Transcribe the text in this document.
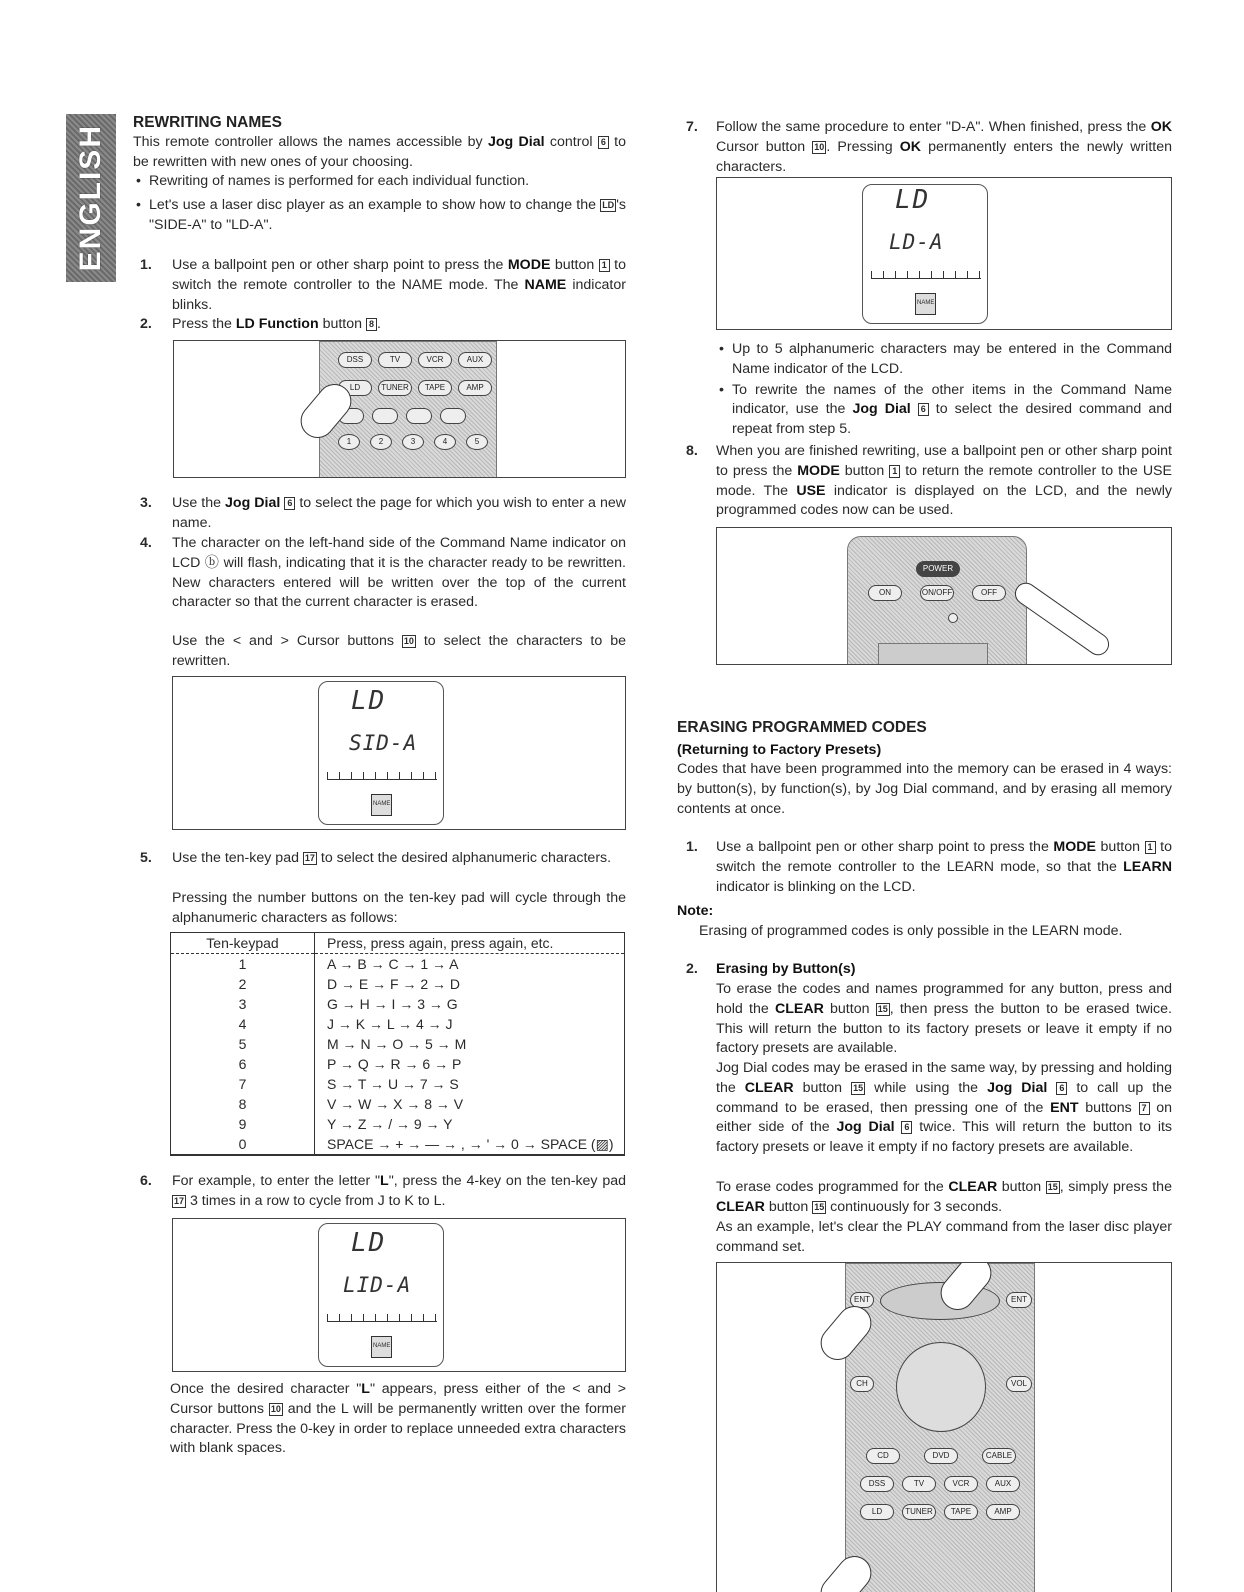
ENGLISH
REWRITING NAMES
This remote controller allows the names accessible by Jog Dial control 6 to be rewritten with new ones of your choosing.
• Rewriting of names is performed for each individual function.
• Let's use a laser disc player as an example to show how to change the LD 's "SIDE-A" to "LD-A".
1. Use a ballpoint pen or other sharp point to press the MODE button 1 to switch the remote controller to the NAME mode. The NAME indicator blinks.
2. Press the LD Function button 8 .
DSS	TV	VCR	AUX
LD	TUNER	TAPE	AMP
1	2	3	4	5
3. Use the Jog Dial 6 to select the page for which you wish to enter a new name.
4. The character on the left-hand side of the Command Name indicator on LCD ⓑ will flash, indicating that it is the character ready to be rewritten. New characters entered will be written over the top of the current character so that the current character is erased.
Use the < and > Cursor buttons 10 to select the characters to be rewritten.
LD
SID-A
NAME
5. Use the ten-key pad 17 to select the desired alphanumeric characters.
Pressing the number buttons on the ten-key pad will cycle through the alphanumeric characters as follows:
Ten-keypad	Press, press again, press again, etc.
1	A → B → C → 1 → A
2	D → E → F → 2 → D
3	G → H → I → 3 → G
4	J → K → L → 4 → J
5	M → N → O → 5 → M
6	P → Q → R → 6 → P
7	S → T → U → 7 → S
8	V → W → X → 8 → V
9	Y → Z → / → 9 → Y
0	SPACE → + → — → , → ' → 0 → SPACE (▨)
6. For example, to enter the letter "L", press the 4-key on the ten-key pad 17 3 times in a row to cycle from J to K to L.
LD
LID-A
NAME
Once the desired character "L" appears, press either of the < and > Cursor buttons 10 and the L will be permanently written over the former character. Press the 0-key in order to replace unneeded extra characters with blank spaces.
7. Follow the same procedure to enter "D-A". When finished, press the OK Cursor button 10 . Pressing OK permanently enters the newly written characters.
LD
LD-A
NAME
• Up to 5 alphanumeric characters may be entered in the Command Name indicator of the LCD.
• To rewrite the names of the other items in the Command Name indicator, use the Jog Dial 6 to select the desired command and repeat from step 5.
8. When you are finished rewriting, use a ballpoint pen or other sharp point to press the MODE button 1 to return the remote controller to the USE mode. The USE indicator is displayed on the LCD, and the newly programmed codes now can be used.
POWER
ON	ON/OFF	OFF
ERASING PROGRAMMED CODES
(Returning to Factory Presets)
Codes that have been programmed into the memory can be erased in 4 ways: by button(s), by function(s), by Jog Dial command, and by erasing all memory contents at once.
1. Use a ballpoint pen or other sharp point to press the MODE button 1 to switch the remote controller to the LEARN mode, so that the LEARN indicator is blinking on the LCD.
Note:
Erasing of programmed codes is only possible in the LEARN mode.
2. Erasing by Button(s)
To erase the codes and names programmed for any button, press and hold the CLEAR button 15 , then press the button to be erased twice. This will return the button to its factory presets or leave it empty if no factory presets are available.
Jog Dial codes may be erased in the same way, by pressing and holding the CLEAR button 15 while using the Jog Dial 6 to call up the command to be erased, then pressing one of the ENT buttons 7 on either side of the Jog Dial 6 twice. This will return the button to its factory presets or leave it empty if no factory presets are available.
To erase codes programmed for the CLEAR button 15 , simply press the CLEAR button 15 continuously for 3 seconds.
As an example, let's clear the PLAY command from the laser disc player command set.
ENT	ENT
CH	VOL
CD	DVD	CABLE
DSS	TV	VCR	AUX
LD	TUNER	TAPE	AMP
